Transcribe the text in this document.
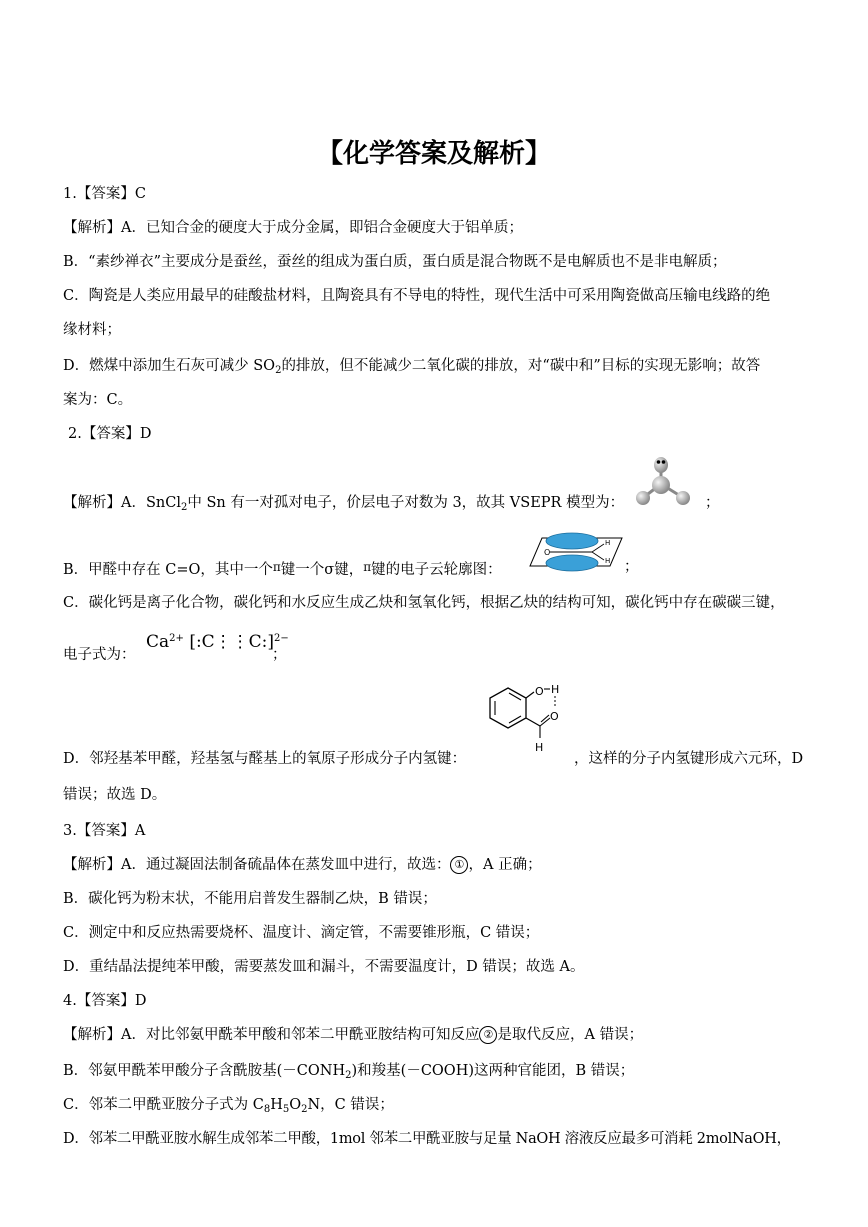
【化学答案及解析】
1.【答案】C
【解析】A．已知合金的硬度大于成分金属，即铝合金硬度大于铝单质；
B．“素纱禅衣”主要成分是蚕丝，蚕丝的组成为蛋白质，蛋白质是混合物既不是电解质也不是非电解质；
C．陶瓷是人类应用最早的硅酸盐材料，且陶瓷具有不导电的特性，现代生活中可采用陶瓷做高压输电线路的绝
缘材料；
D．燃煤中添加生石灰可减少 $SO_2$的排放，但不能减少二氧化碳的排放，对“碳中和”目标的实现无影响；故答
案为：C。
2.【答案】D
【解析】A．SnCl$_2$中 Sn 有一对孤对电子，价层电子对数为 3，故其 VSEPR 模型为：	；
B．甲醛中存在 C=O，其中一个$^\pi$键一个σ键，$^\pi$键的电子云轮廓图：
O
H
H ；
C．碳化钙是离子化合物，碳化钙和水反应生成乙炔和氢氧化钙，根据乙炔的结构可知，碳化钙中存在碳碳三键，
电子式为：
$Ca^{2+}$ [:C⋮⋮C:]$^{2-}$
；
O H
O
H
D．邻羟基苯甲醛，羟基氢与醛基上的氧原子形成分子内氢键：	，这样的分子内氢键形成六元环，D
错误；故选 D。
3.【答案】A
【解析】A．通过凝固法制备硫晶体在蒸发皿中进行，故选： ① ，A 正确；
B．碳化钙为粉末状，不能用启普发生器制乙炔，B 错误；
C．测定中和反应热需要烧杯、温度计、滴定管，不需要锥形瓶，C 错误；
D．重结晶法提纯苯甲酸，需要蒸发皿和漏斗，不需要温度计，D 错误；故选 A。
4.【答案】D
【解析】A．对比邻氨甲酰苯甲酸和邻苯二甲酰亚胺结构可知反应 ② 是取代反应，A 错误；
B．邻氨甲酰苯甲酸分子含酰胺基$(-CONH_2)$和羧基(－COOH)这两种官能团，B 错误；
C．邻苯二甲酰亚胺分子式为 $C_8H_5O_2N$，C 错误；
D．邻苯二甲酰亚胺水解生成邻苯二甲酸，1mol 邻苯二甲酰亚胺与足量 NaOH 溶液反应最多可消耗 2molNaOH，
